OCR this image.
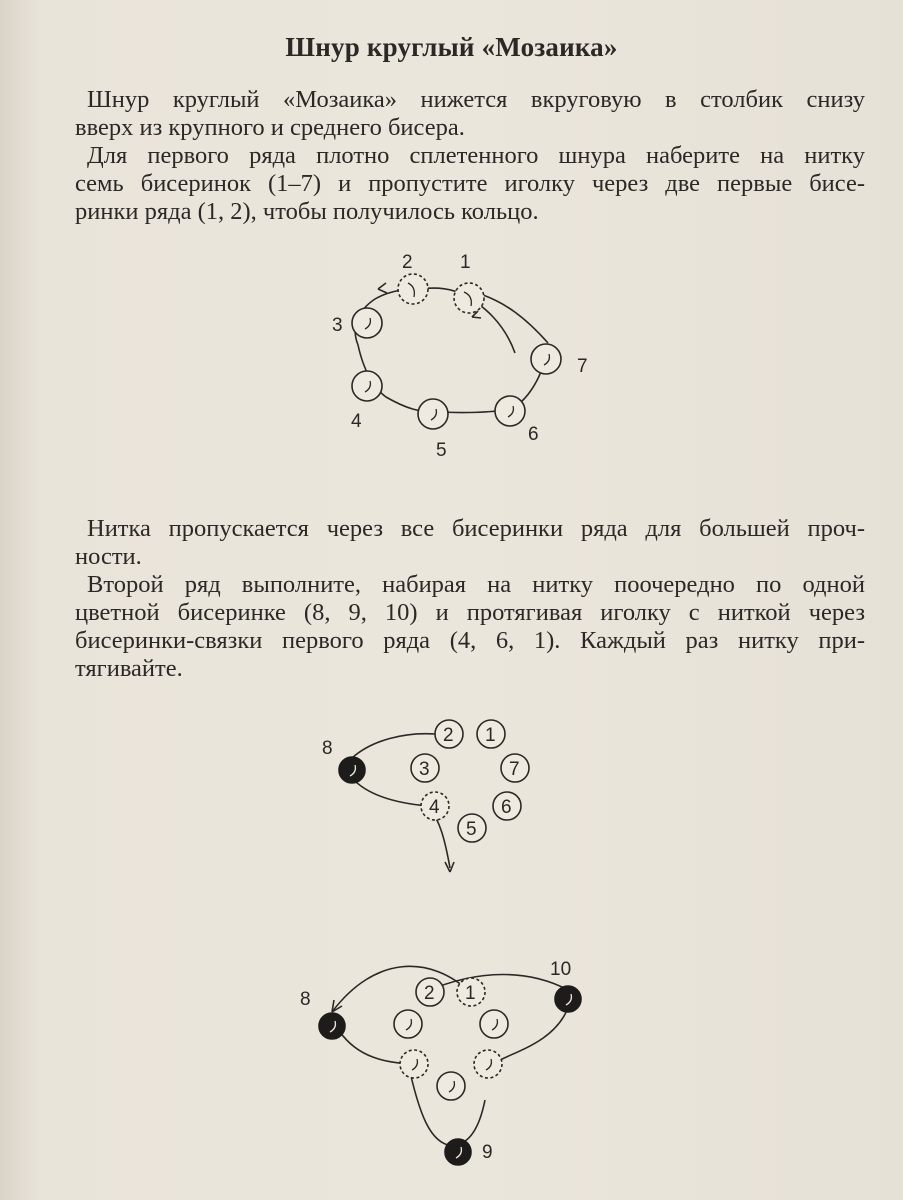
Шнур круглый «Мозаика»

Шнур круглый «Мозаика» нижется вкруговую в столбик снизу
вверх из крупного и среднего бисера.

Для первого ряда плотно сплетенного шнура наберите на нитку
семь бисеринок (1–7) и пропустите иголку через две первые бисе-
ринки ряда (1, 2), чтобы получилось кольцо.

2 1
3
7
4
6
5

Нитка пропускается через все бисеринки ряда для большей проч-
ности.

Второй ряд выполните, набирая на нитку поочередно по одной
цветной бисеринке (8, 9, 10) и протягивая иголку с ниткой через
бисеринки-связки первого ряда (4, 6, 1). Каждый раз нитку при-
тягивайте.

2 1
3	7
4	6
5
8
2 1
8
10
9
